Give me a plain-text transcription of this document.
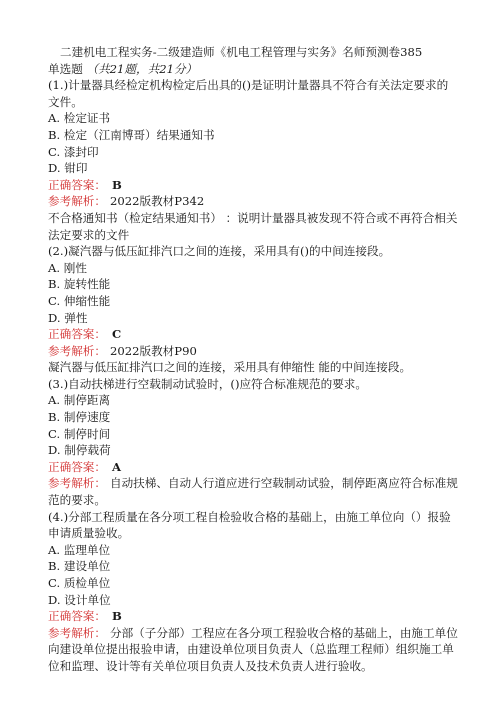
二建机电工程实务-二级建造师《机电工程管理与实务》名师预测卷385
单选题 （共21题，共21分）
(1.)计量器具经检定机构检定后出具的()是证明计量器具不符合有关法定要求的文件。
A. 检定证书
B. 检定（江南博哥）结果通知书
C. 漆封印
D. 钳印
正确答案： B
参考解析： 2022版教材P342
不合格通知书（检定结果通知书） ：说明计量器具被发现不符合或不再符合相关法定要求的文件
(2.)凝汽器与低压缸排汽口之间的连接，采用具有()的中间连接段。
A. 刚性
B. 旋转性能
C. 伸缩性能
D. 弹性
正确答案： C
参考解析： 2022版教材P90
凝汽器与低压缸排汽口之间的连接，采用具有伸缩性 能的中间连接段。
(3.)自动扶梯进行空载制动试验时，()应符合标准规范的要求。
A. 制停距离
B. 制停速度
C. 制停时间
D. 制停载荷
正确答案： A
参考解析： 自动扶梯、自动人行道应进行空载制动试验，制停距离应符合标准规范的要求。
(4.)分部工程质量在各分项工程自检验收合格的基础上，由施工单位向（）报验申请质量验收。
A. 监理单位
B. 建设单位
C. 质检单位
D. 设计单位
正确答案： B
参考解析： 分部（子分部）工程应在各分项工程验收合格的基础上，由施工单位向建设单位提出报验申请，由建设单位项目负责人（总监理工程师）组织施工单位和监理、设计等有关单位项目负责人及技术负责人进行验收。
